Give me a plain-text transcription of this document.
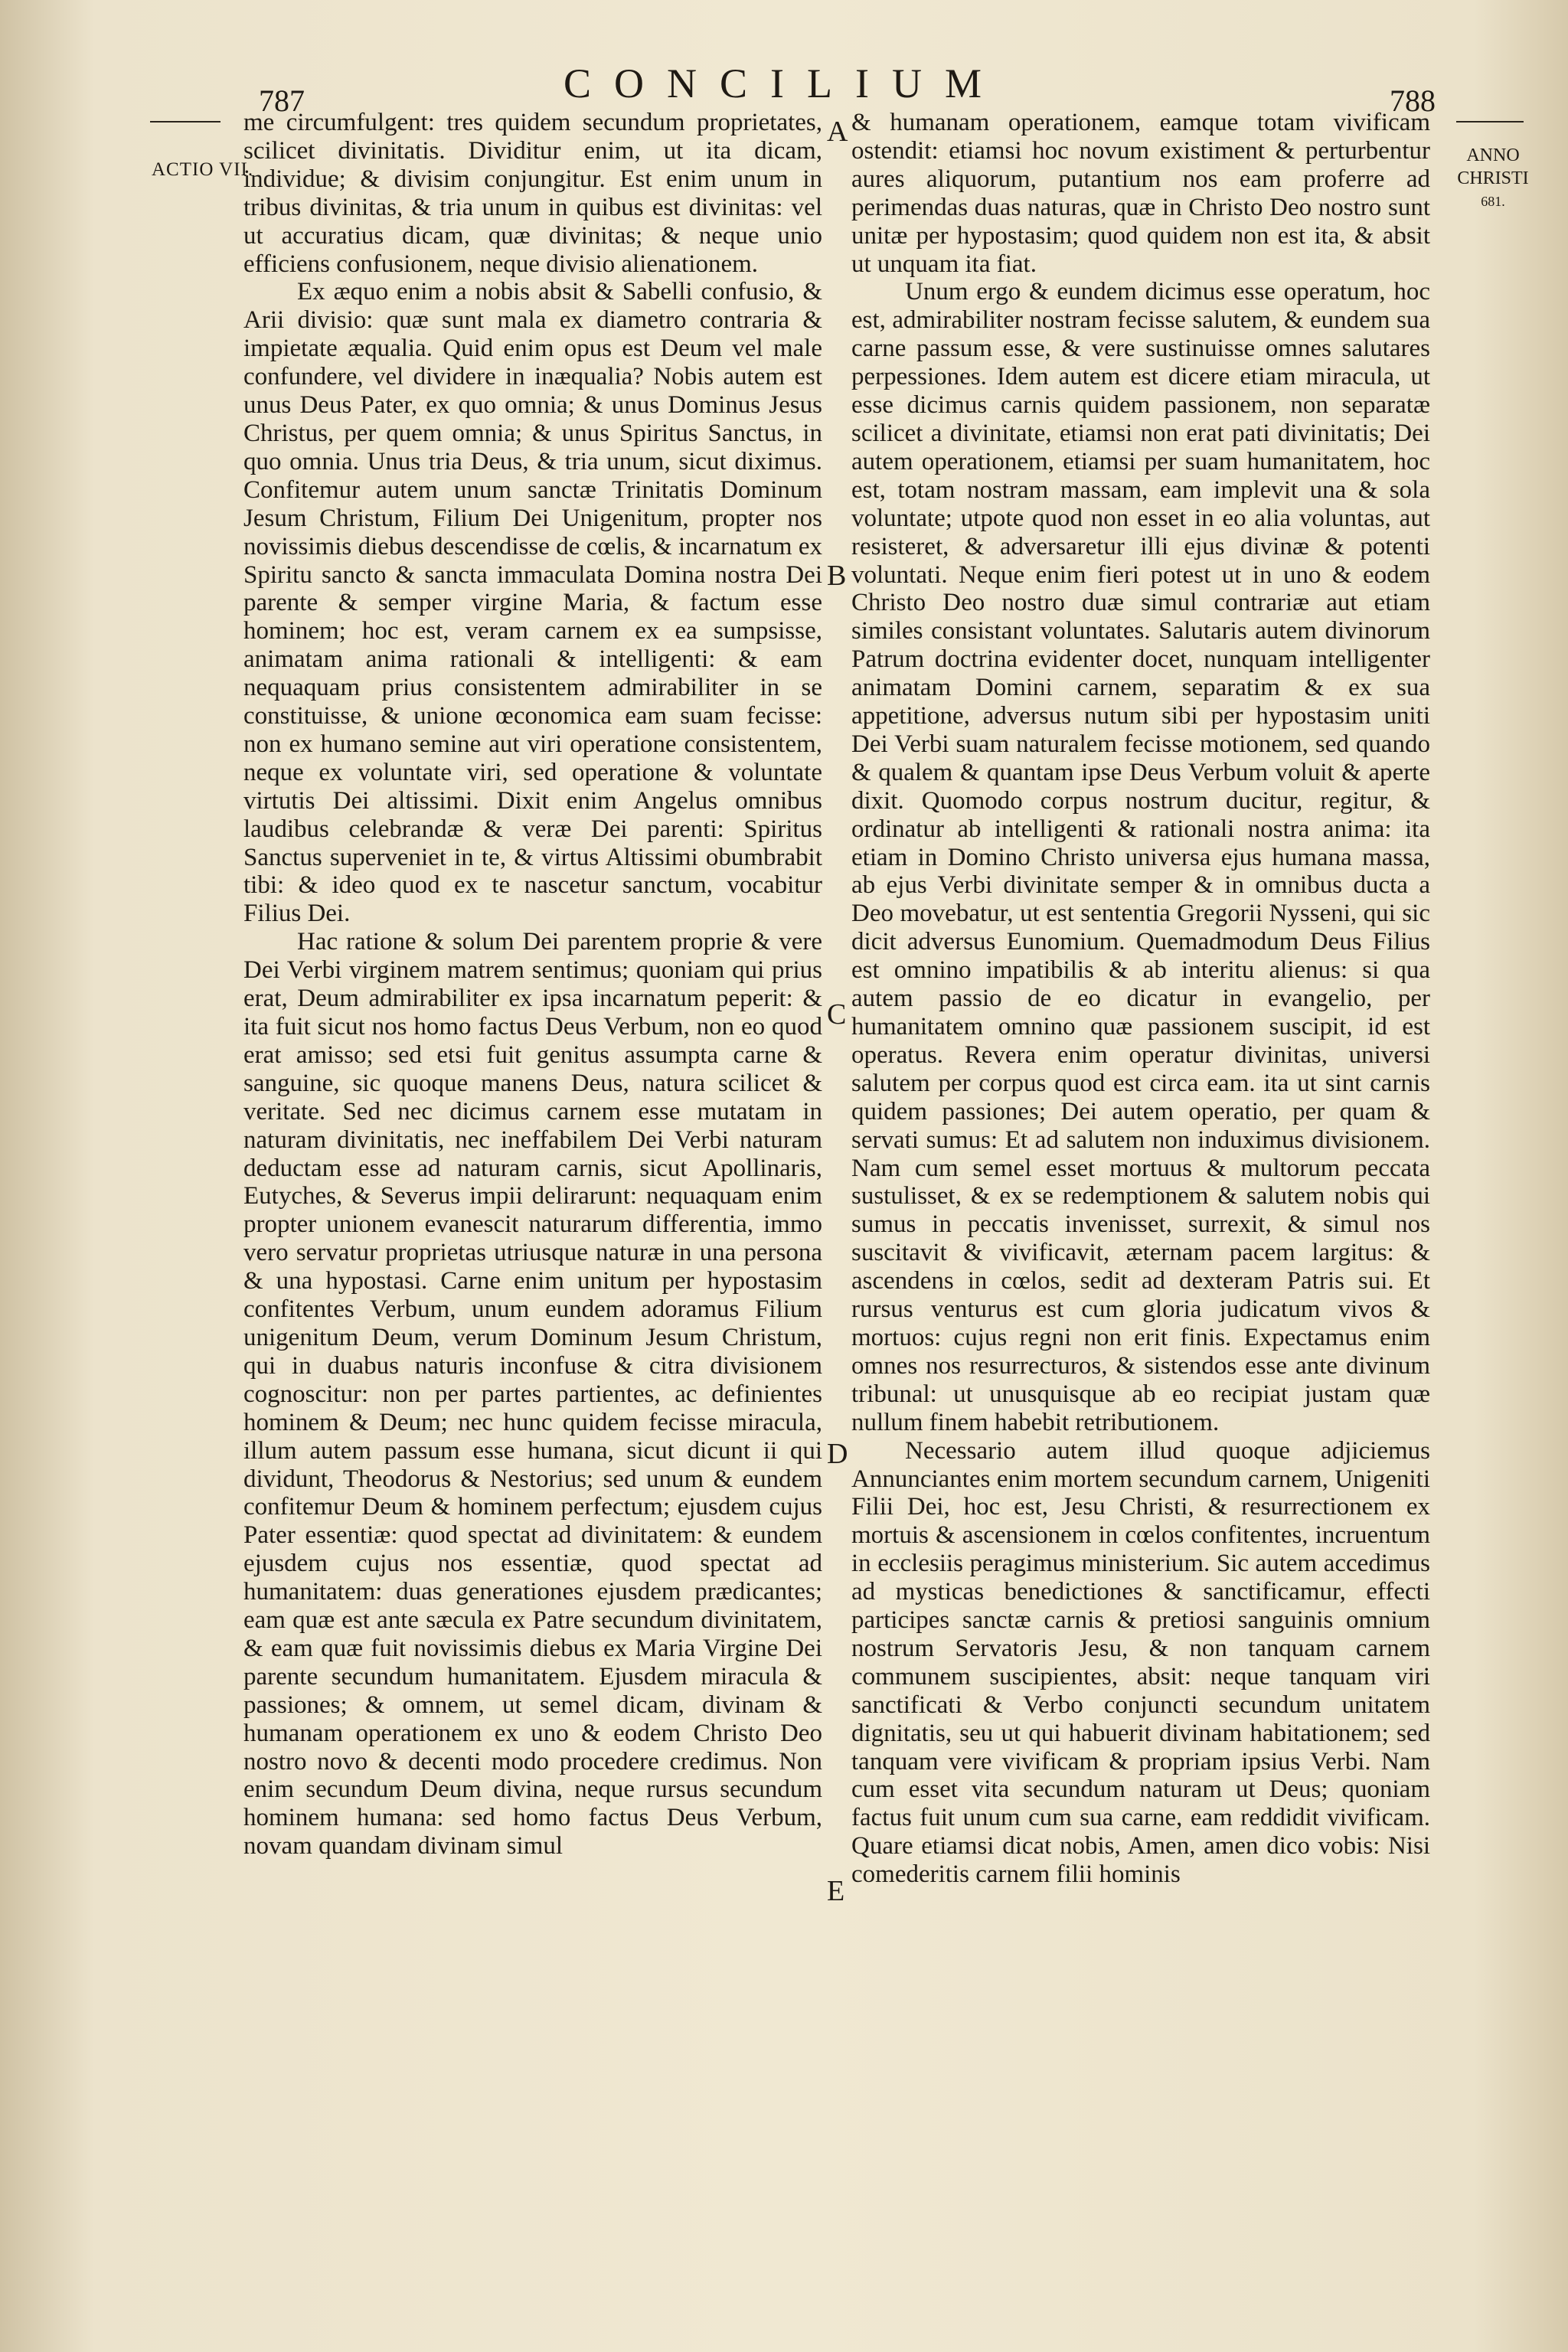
787	CONCILIUM	788
ACTIO VII.
ANNO
CHRISTI
681.
A
B
C
D
E

me circumfulgent: tres quidem secundum proprietates, scilicet divinitatis. Dividitur enim, ut ita dicam, individue; & divisim conjungitur. Est enim unum in tribus divinitas, & tria unum in quibus est divinitas: vel ut accuratius dicam, quæ divinitas; & neque unio efficiens confusionem, neque divisio alienationem.

Ex æquo enim a nobis absit & Sabelli confusio, & Arii divisio: quæ sunt mala ex diametro contraria & impietate æqualia. Quid enim opus est Deum vel male confundere, vel dividere in inæqualia? Nobis autem est unus Deus Pater, ex quo omnia; & unus Dominus Jesus Christus, per quem omnia; & unus Spiritus Sanctus, in quo omnia. Unus tria Deus, & tria unum, sicut diximus. Confitemur autem unum sanctæ Trinitatis Dominum Jesum Christum, Filium Dei Unigenitum, propter nos novissimis diebus descendisse de cœlis, & incarnatum ex Spiritu sancto & sancta immaculata Domina nostra Dei parente & semper virgine Maria, & factum esse hominem; hoc est, veram carnem ex ea sumpsisse, animatam anima rationali & intelligenti: & eam nequaquam prius consistentem admirabiliter in se constituisse, & unione œconomica eam suam fecisse: non ex humano semine aut viri operatione consistentem, neque ex voluntate viri, sed operatione & voluntate virtutis Dei altissimi. Dixit enim Angelus omnibus laudibus celebrandæ & veræ Dei parenti: Spiritus Sanctus superveniet in te, & virtus Altissimi obumbrabit tibi: & ideo quod ex te nascetur sanctum, vocabitur Filius Dei.

Hac ratione & solum Dei parentem proprie & vere Dei Verbi virginem matrem sentimus; quoniam qui prius erat, Deum admirabiliter ex ipsa incarnatum peperit: & ita fuit sicut nos homo factus Deus Verbum, non eo quod erat amisso; sed etsi fuit genitus assumpta carne & sanguine, sic quoque manens Deus, natura scilicet & veritate. Sed nec dicimus carnem esse mutatam in naturam divinitatis, nec ineffabilem Dei Verbi naturam deductam esse ad naturam carnis, sicut Apollinaris, Eutyches, & Severus impii delirarunt: nequaquam enim propter unionem evanescit naturarum differentia, immo vero servatur proprietas utriusque naturæ in una persona & una hypostasi. Carne enim unitum per hypostasim confitentes Verbum, unum eundem adoramus Filium unigenitum Deum, verum Dominum Jesum Christum, qui in duabus naturis inconfuse & citra divisionem cognoscitur: non per partes partientes, ac definientes hominem & Deum; nec hunc quidem fecisse miracula, illum autem passum esse humana, sicut dicunt ii qui dividunt, Theodorus & Nestorius; sed unum & eundem confitemur Deum & hominem perfectum; ejusdem cujus Pater essentiæ: quod spectat ad divinitatem: & eundem ejusdem cujus nos essentiæ, quod spectat ad humanitatem: duas generationes ejusdem prædicantes; eam quæ est ante sæcula ex Patre secundum divinitatem, & eam quæ fuit novissimis diebus ex Maria Virgine Dei parente secundum humanitatem. Ejusdem miracula & passiones; & omnem, ut semel dicam, divinam & humanam operationem ex uno & eodem Christo Deo nostro novo & decenti modo procedere credimus. Non enim secundum Deum divina, neque rursus secundum hominem humana: sed homo factus Deus Verbum, novam quandam divinam simul

& humanam operationem, eamque totam vivificam ostendit: etiamsi hoc novum existiment & perturbentur aures aliquorum, putantium nos eam proferre ad perimendas duas naturas, quæ in Christo Deo nostro sunt unitæ per hypostasim; quod quidem non est ita, & absit ut unquam ita fiat.

Unum ergo & eundem dicimus esse operatum, hoc est, admirabiliter nostram fecisse salutem, & eundem sua carne passum esse, & vere sustinuisse omnes salutares perpessiones. Idem autem est dicere etiam miracula, ut esse dicimus carnis quidem passionem, non separatæ scilicet a divinitate, etiamsi non erat pati divinitatis; Dei autem operationem, etiamsi per suam humanitatem, hoc est, totam nostram massam, eam implevit una & sola voluntate; utpote quod non esset in eo alia voluntas, aut resisteret, & adversaretur illi ejus divinæ & potenti voluntati. Neque enim fieri potest ut in uno & eodem Christo Deo nostro duæ simul contrariæ aut etiam similes consistant voluntates. Salutaris autem divinorum Patrum doctrina evidenter docet, nunquam intelligenter animatam Domini carnem, separatim & ex sua appetitione, adversus nutum sibi per hypostasim uniti Dei Verbi suam naturalem fecisse motionem, sed quando & qualem & quantam ipse Deus Verbum voluit & aperte dixit. Quomodo corpus nostrum ducitur, regitur, & ordinatur ab intelligenti & rationali nostra anima: ita etiam in Domino Christo universa ejus humana massa, ab ejus Verbi divinitate semper & in omnibus ducta a Deo movebatur, ut est sententia Gregorii Nysseni, qui sic dicit adversus Eunomium. Quemadmodum Deus Filius est omnino impatibilis & ab interitu alienus: si qua autem passio de eo dicatur in evangelio, per humanitatem omnino quæ passionem suscipit, id est operatus. Revera enim operatur divinitas, universi salutem per corpus quod est circa eam. ita ut sint carnis quidem passiones; Dei autem operatio, per quam & servati sumus: Et ad salutem non induximus divisionem. Nam cum semel esset mortuus & multorum peccata sustulisset, & ex se redemptionem & salutem nobis qui sumus in peccatis invenisset, surrexit, & simul nos suscitavit & vivificavit, æternam pacem largitus: & ascendens in cœlos, sedit ad dexteram Patris sui. Et rursus venturus est cum gloria judicatum vivos & mortuos: cujus regni non erit finis. Expectamus enim omnes nos resurrecturos, & sistendos esse ante divinum tribunal: ut unusquisque ab eo recipiat justam quæ nullum finem habebit retributionem.

Necessario autem illud quoque adjiciemus Annunciantes enim mortem secundum carnem, Unigeniti Filii Dei, hoc est, Jesu Christi, & resurrectionem ex mortuis & ascensionem in cœlos confitentes, incruentum in ecclesiis peragimus ministerium. Sic autem accedimus ad mysticas benedictiones & sanctificamur, effecti participes sanctæ carnis & pretiosi sanguinis omnium nostrum Servatoris Jesu, & non tanquam carnem communem suscipientes, absit: neque tanquam viri sanctificati & Verbo conjuncti secundum unitatem dignitatis, seu ut qui habuerit divinam habitationem; sed tanquam vere vivificam & propriam ipsius Verbi. Nam cum esset vita secundum naturam ut Deus; quoniam factus fuit unum cum sua carne, eam reddidit vivificam. Quare etiamsi dicat nobis, Amen, amen dico vobis: Nisi comederitis carnem filii hominis
